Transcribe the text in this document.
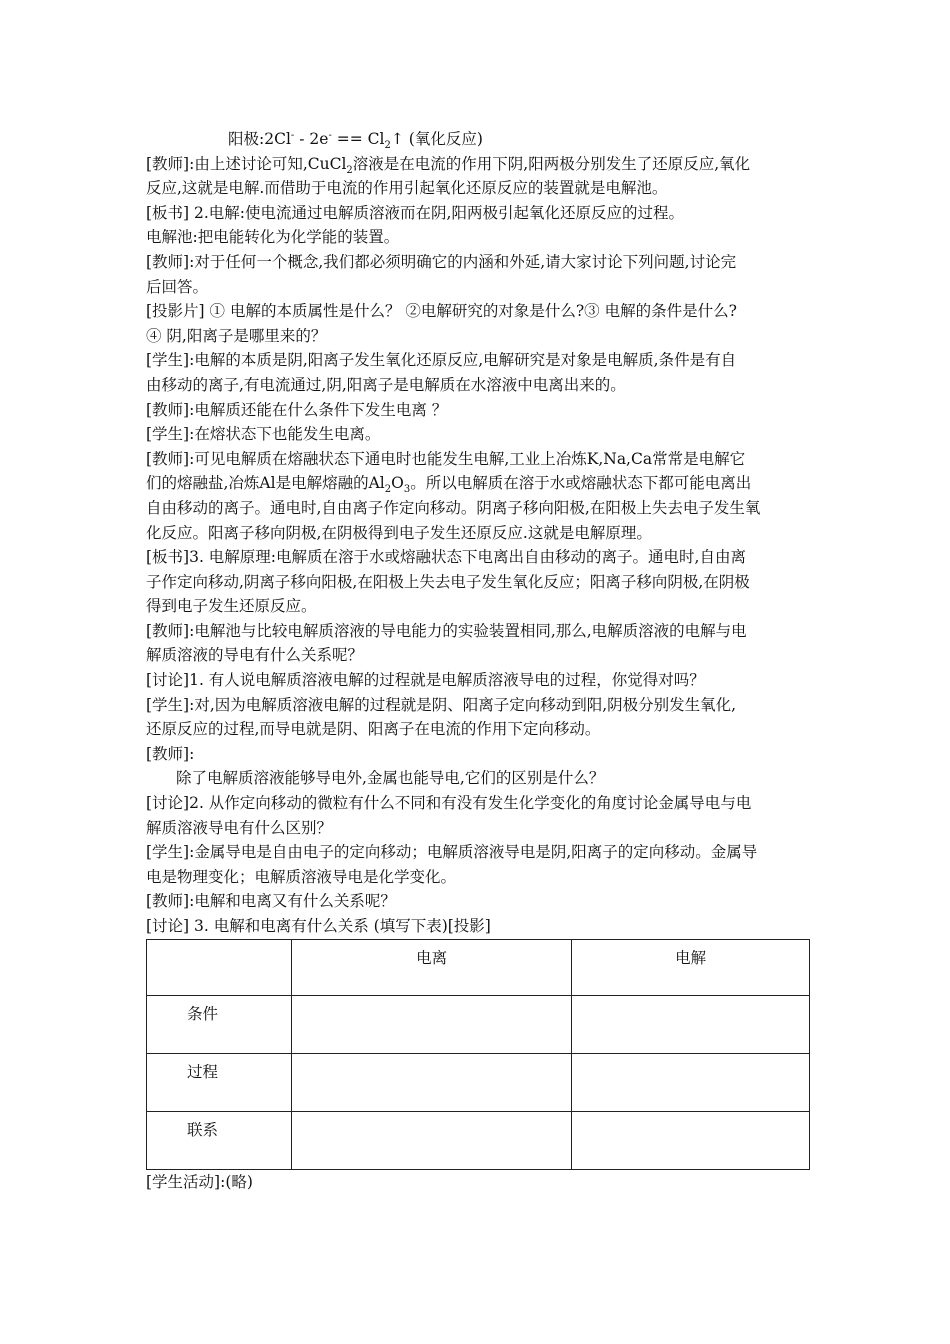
阳极:2Cl- - $2e^- == Cl_2↑$ (氧化反应)
[教师]:由上述讨论可知,CuCl$_2$溶液是在电流的作用下阴,阳两极分别发生了还原反应,氧化
反应,这就是电解.而借助于电流的作用引起氧化还原反应的装置就是电解池。
[板书] 2.电解:使电流通过电解质溶液而在阴,阳两极引起氧化还原反应的过程。
电解池:把电能转化为化学能的装置。
[教师]:对于任何一个概念,我们都必须明确它的内涵和外延,请大家讨论下列问题,讨论完
后回答。
[投影片] ① 电解的本质属性是什么？ ②电解研究的对象是什么?③ 电解的条件是什么?
④ 阴,阳离子是哪里来的？
[学生]:电解的本质是阴,阳离子发生氧化还原反应,电解研究是对象是电解质,条件是有自
由移动的离子,有电流通过,阴,阳离子是电解质在水溶液中电离出来的。
[教师]:电解质还能在什么条件下发生电离 ？
[学生]:在熔状态下也能发生电离。
[教师]:可见电解质在熔融状态下通电时也能发生电解,工业上冶炼K,Na,Ca常常是电解它
们的熔融盐,冶炼Al是电解熔融的$Al_2O_3$。所以电解质在溶于水或熔融状态下都可能电离出
自由移动的离子。通电时,自由离子作定向移动。阴离子移向阳极,在阳极上失去电子发生氧
化反应。阳离子移向阴极,在阴极得到电子发生还原反应.这就是电解原理。
[板书]3. 电解原理:电解质在溶于水或熔融状态下电离出自由移动的离子。通电时,自由离
子作定向移动,阴离子移向阳极,在阳极上失去电子发生氧化反应；阳离子移向阴极,在阴极
得到电子发生还原反应。
[教师]:电解池与比较电解质溶液的导电能力的实验装置相同,那么,电解质溶液的电解与电
解质溶液的导电有什么关系呢？
[讨论]1. 有人说电解质溶液电解的过程就是电解质溶液导电的过程，你觉得对吗？
[学生]:对,因为电解质溶液电解的过程就是阴、阳离子定向移动到阳,阴极分别发生氧化,
还原反应的过程,而导电就是阴、阳离子在电流的作用下定向移动。
[教师]:
除了电解质溶液能够导电外,金属也能导电,它们的区别是什么？
[讨论]2. 从作定向移动的微粒有什么不同和有没有发生化学变化的角度讨论金属导电与电
解质溶液导电有什么区别？
[学生]:金属导电是自由电子的定向移动；电解质溶液导电是阴,阳离子的定向移动。金属导
电是物理变化；电解质溶液导电是化学变化。
[教师]:电解和电离又有什么关系呢？
[讨论] 3. 电解和电离有什么关系 (填写下表)[投影]
	电离	电解
条件		
过程		
联系		
[学生活动]:(略)
